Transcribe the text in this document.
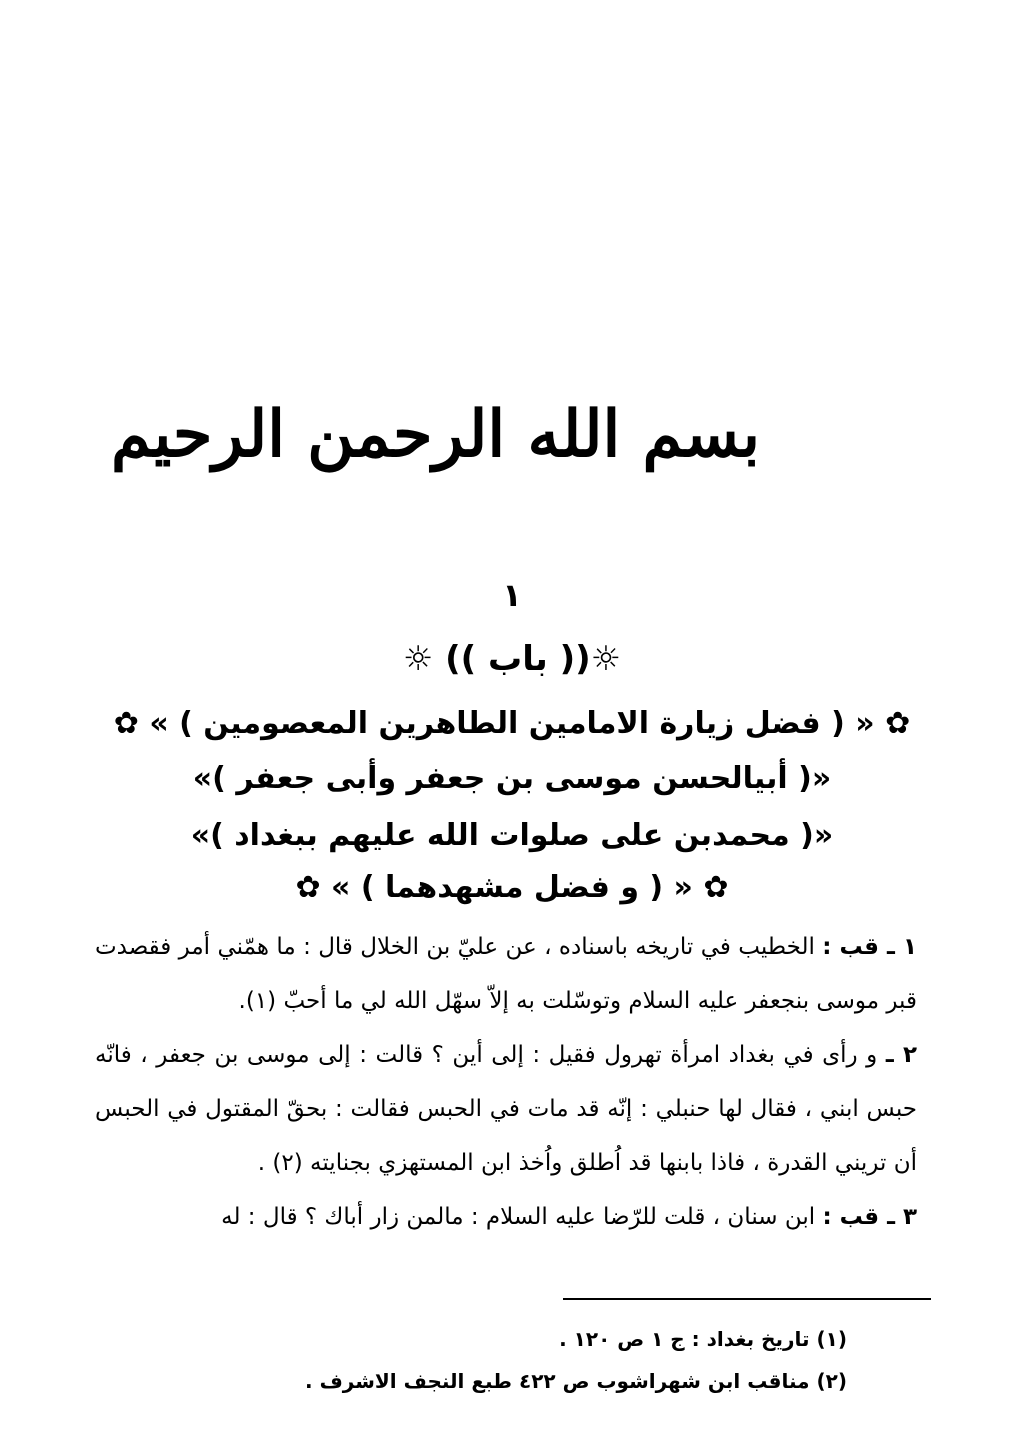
بسم الله الرحمن الرحيم
١
☼(( باب )) ☼
✿ « ( فضل زيارة الامامين الطاهرين المعصومين ) » ✿
«( أبيالحسن موسى بن جعفر وأبى جعفر )»
«( محمدبن على صلوات الله عليهم ببغداد )»
✿ « ( و فضل مشهدهما ) » ✿

١ ـ قب : الخطيب في تاريخه باسناده ، عن عليّ بن الخلال قال : ما همّني أمر فقصدت قبر موسى بنجعفر عليه السلام وتوسّلت به إلاّ سهّل الله لي ما أحبّ (١).

٢ ـ و رأى في بغداد امرأة تهرول فقيل : إلى أين ؟ قالت : إلى موسى بن جعفر ، فانّه حبس ابني ، فقال لها حنبلي : إنّه قد مات في الحبس فقالت : بحقّ المقتول في الحبس أن تريني القدرة ، فاذا بابنها قد اُطلق واُخذ ابن المستهزي بجنايته (٢) .

٣ ـ قب : ابن سنان ، قلت للرّضا عليه السلام : مالمن زار أباك ؟ قال : له

(١) تاريخ بغداد : ج ١ ص ١٢٠ .

(٢) مناقب ابن شهراشوب ص ٤٢٢ طبع النجف الاشرف .
